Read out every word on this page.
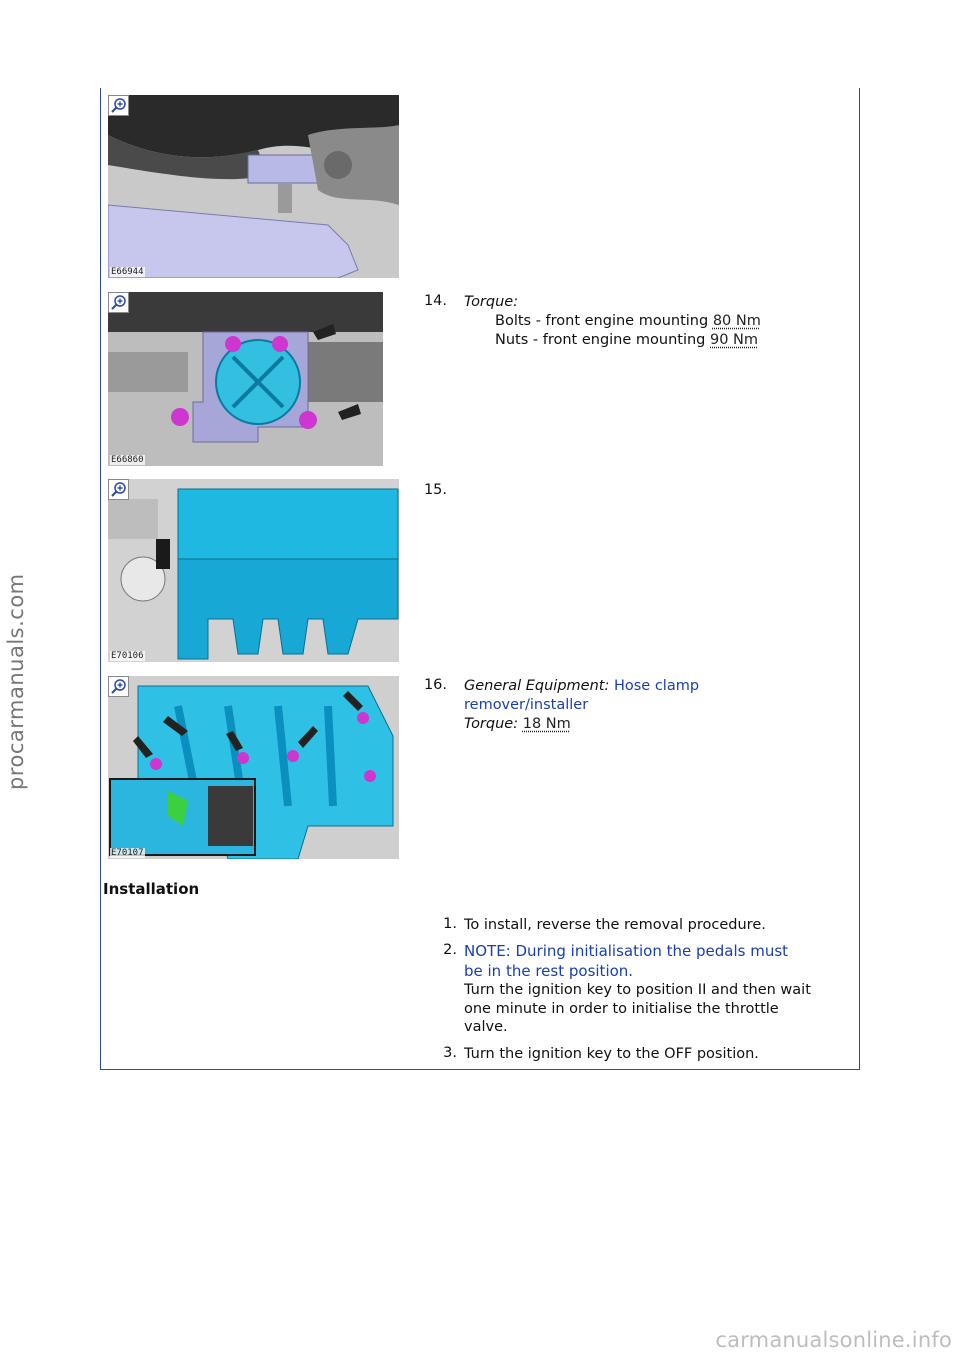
E66944
E66860
E70106
E70107
14. Torque:
Bolts - front engine mounting 80 Nm
Nuts - front engine mounting 90 Nm
15.
16. General Equipment: Hose clamp
remover/installer
Torque: 18 Nm
Installation
1. To install, reverse the removal procedure.
2. NOTE: During initialisation the pedals must
be in the rest position.
Turn the ignition key to position II and then wait
one minute in order to initialise the throttle
valve.
3. Turn the ignition key to the OFF position.
procarmanuals.com
carmanualsonline.info
